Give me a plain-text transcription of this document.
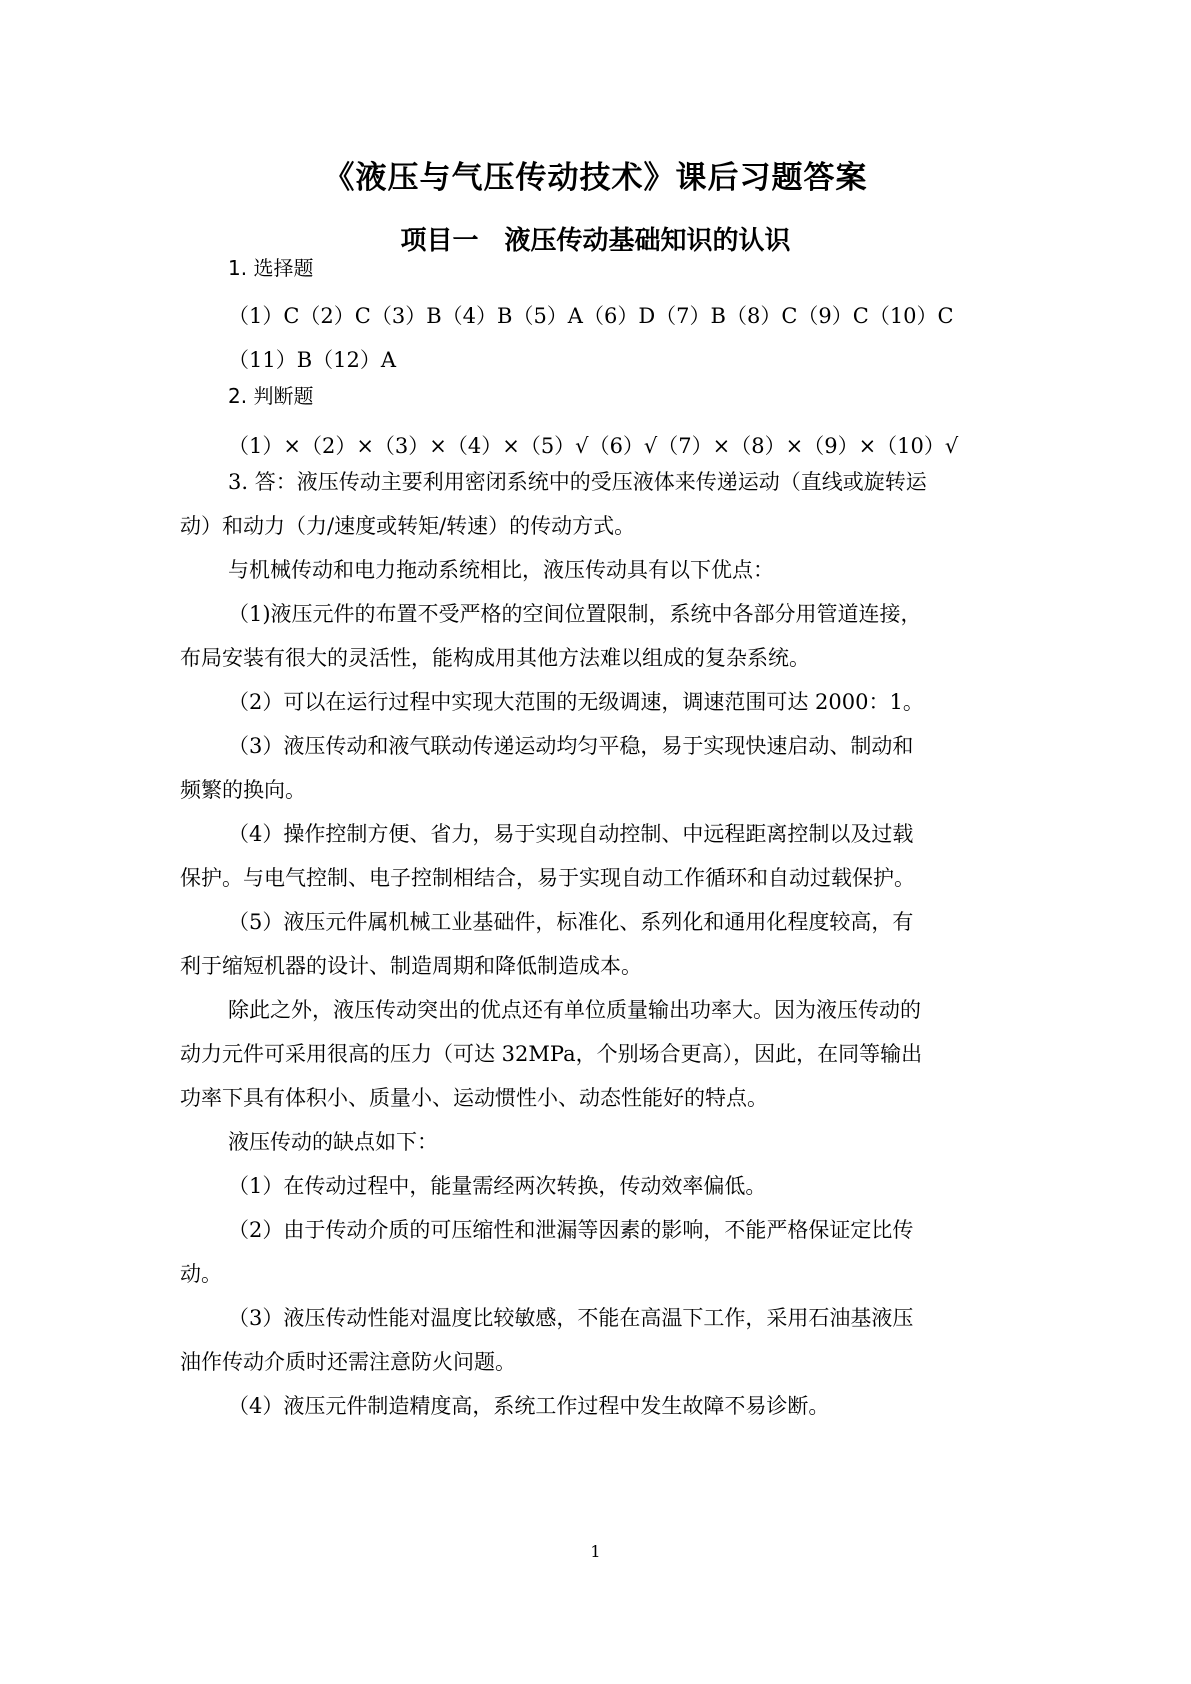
《液压与气压传动技术》课后习题答案
项目一　液压传动基础知识的认识

1. 选择题

（1）C（2）C（3）B（4）B（5）A（6）D（7）B（8）C（9）C（10）C

（11）B（12）A

2. 判断题

（1）×（2）×（3）×（4）×（5）√（6）√（7）×（8）×（9）×（10）√

3. 答：液压传动主要利用密闭系统中的受压液体来传递运动（直线或旋转运

动）和动力（力/速度或转矩/转速）的传动方式。

与机械传动和电力拖动系统相比，液压传动具有以下优点：

（1)液压元件的布置不受严格的空间位置限制，系统中各部分用管道连接，

布局安装有很大的灵活性，能构成用其他方法难以组成的复杂系统。

（2）可以在运行过程中实现大范围的无级调速，调速范围可达 2000：1。

（3）液压传动和液气联动传递运动均匀平稳，易于实现快速启动、制动和

频繁的换向。

（4）操作控制方便、省力，易于实现自动控制、中远程距离控制以及过载

保护。与电气控制、电子控制相结合，易于实现自动工作循环和自动过载保护。

（5）液压元件属机械工业基础件，标准化、系列化和通用化程度较高，有

利于缩短机器的设计、制造周期和降低制造成本。

除此之外，液压传动突出的优点还有单位质量输出功率大。因为液压传动的

动力元件可采用很高的压力（可达 32MPa，个别场合更高），因此，在同等输出

功率下具有体积小、质量小、运动惯性小、动态性能好的特点。

液压传动的缺点如下：

（1）在传动过程中，能量需经两次转换，传动效率偏低。

（2）由于传动介质的可压缩性和泄漏等因素的影响，不能严格保证定比传

动。

（3）液压传动性能对温度比较敏感，不能在高温下工作，采用石油基液压

油作传动介质时还需注意防火问题。

（4）液压元件制造精度高，系统工作过程中发生故障不易诊断。

1
